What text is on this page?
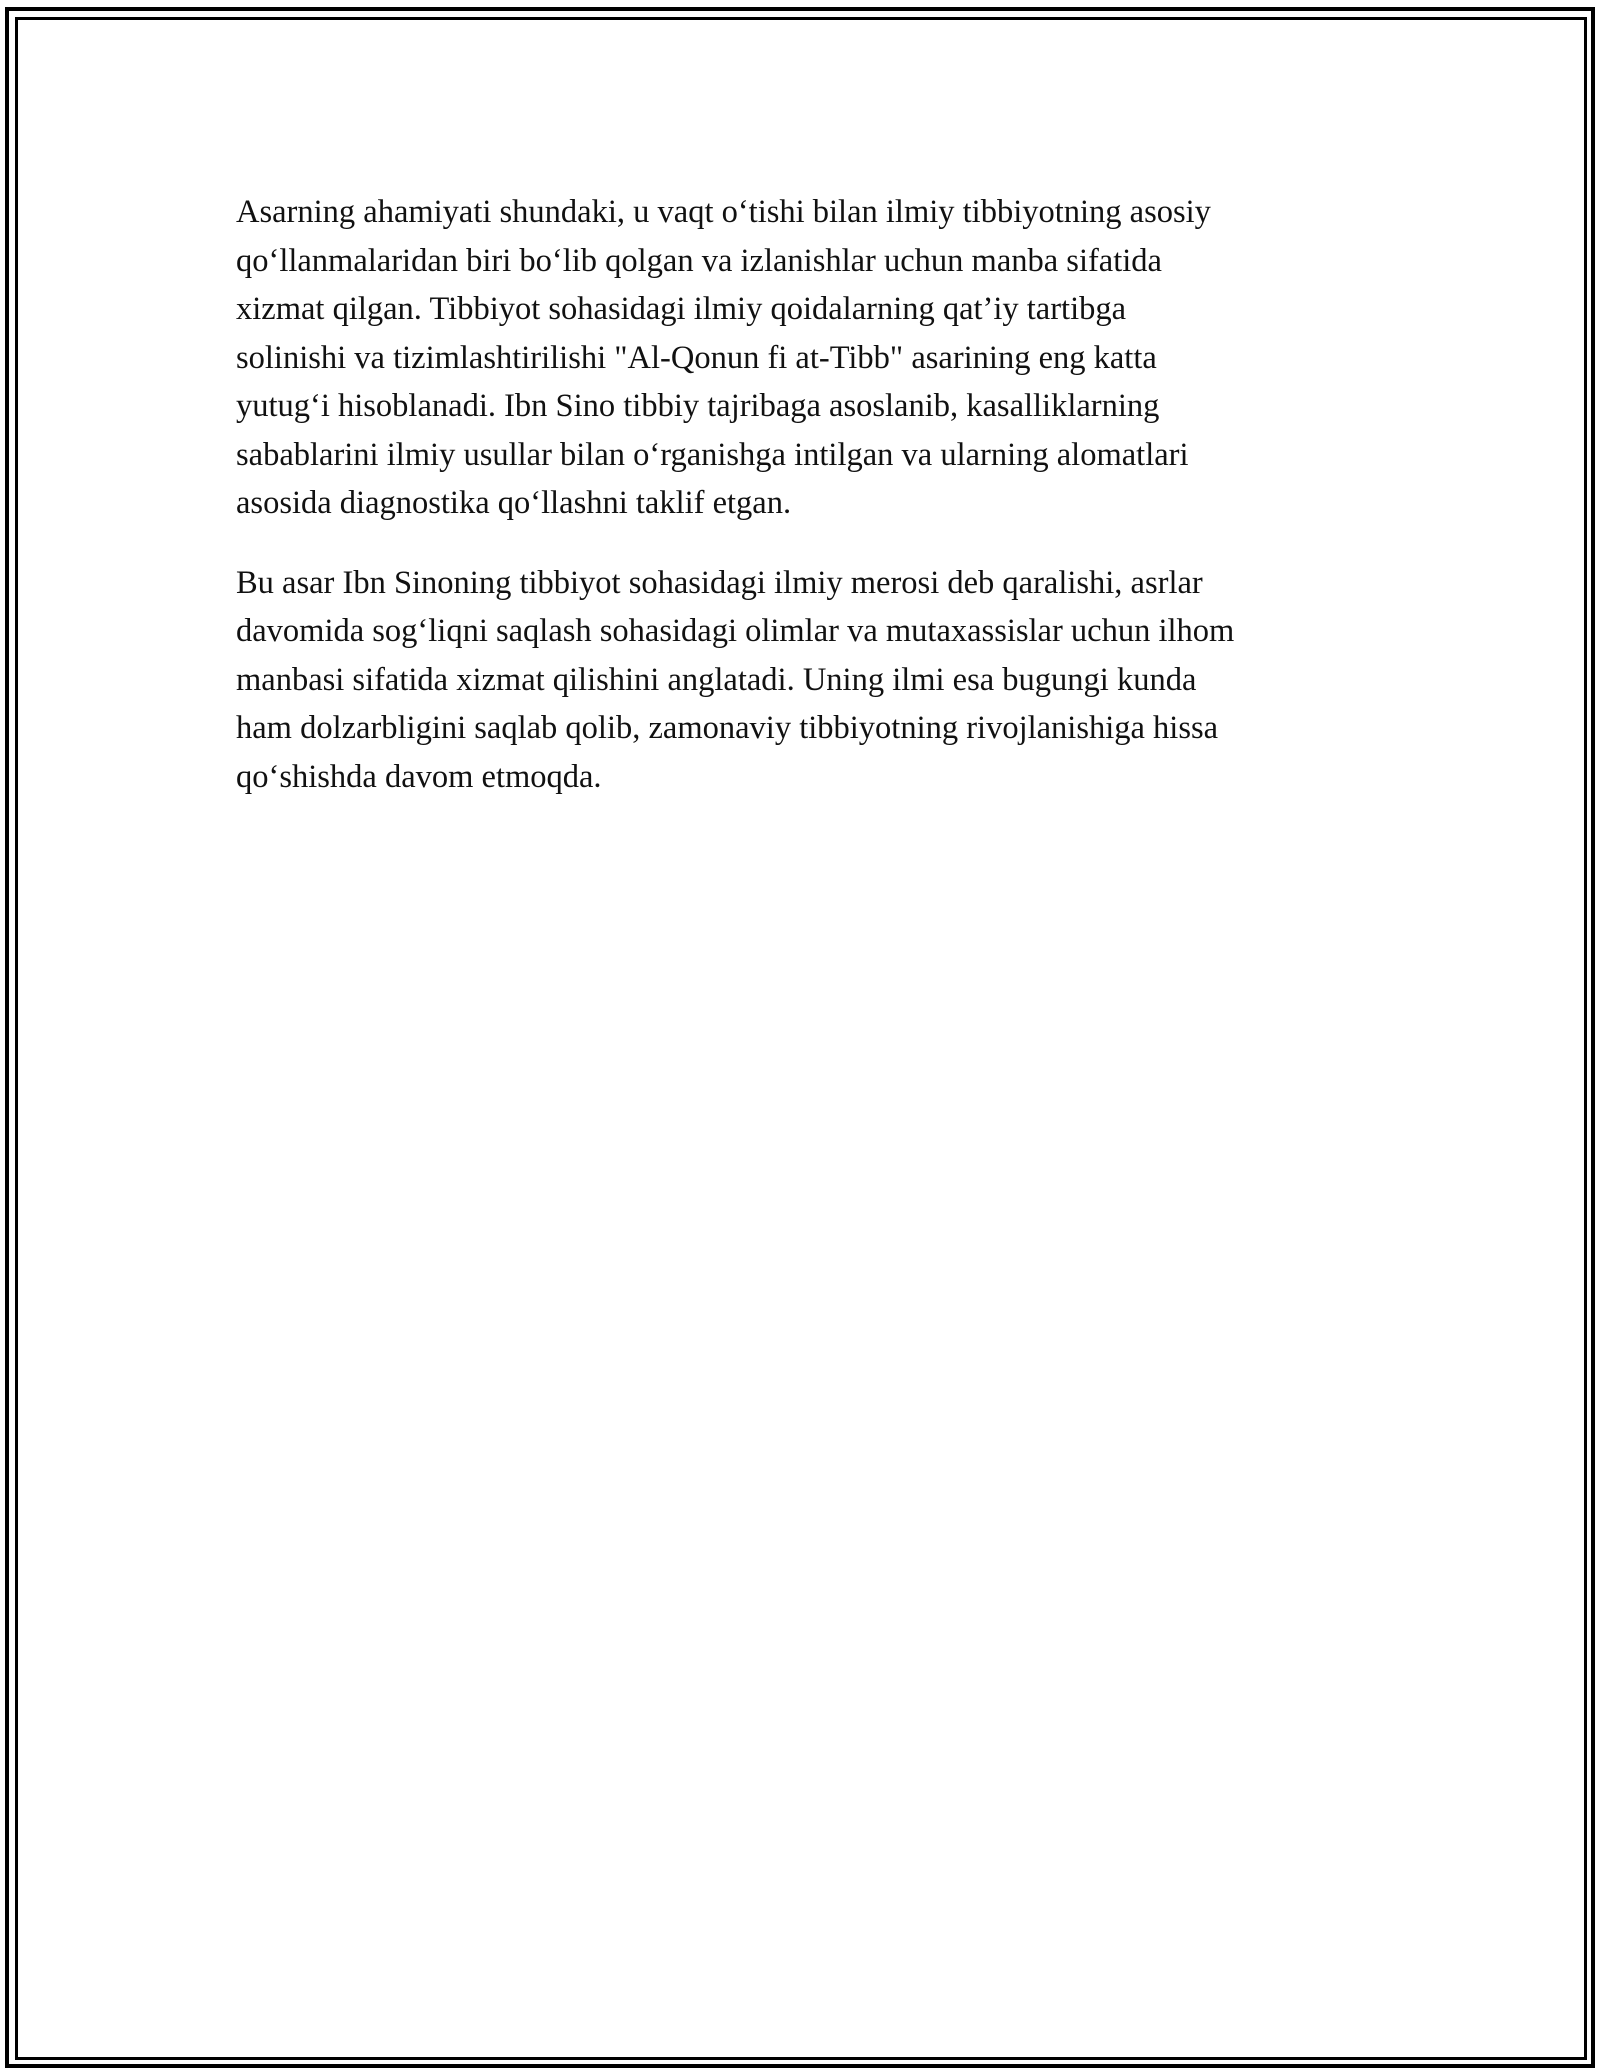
Asarning ahamiyati shundaki, u vaqt o‘tishi bilan ilmiy tibbiyotning asosiy
qo‘llanmalaridan biri bo‘lib qolgan va izlanishlar uchun manba sifatida
xizmat qilgan. Tibbiyot sohasidagi ilmiy qoidalarning qat’iy tartibga
solinishi va tizimlashtirilishi "Al-Qonun fi at-Tibb" asarining eng katta
yutug‘i hisoblanadi. Ibn Sino tibbiy tajribaga asoslanib, kasalliklarning
sabablarini ilmiy usullar bilan o‘rganishga intilgan va ularning alomatlari
asosida diagnostika qo‘llashni taklif etgan.

Bu asar Ibn Sinoning tibbiyot sohasidagi ilmiy merosi deb qaralishi, asrlar
davomida sog‘liqni saqlash sohasidagi olimlar va mutaxassislar uchun ilhom
manbasi sifatida xizmat qilishini anglatadi. Uning ilmi esa bugungi kunda
ham dolzarbligini saqlab qolib, zamonaviy tibbiyotning rivojlanishiga hissa
qo‘shishda davom etmoqda.
